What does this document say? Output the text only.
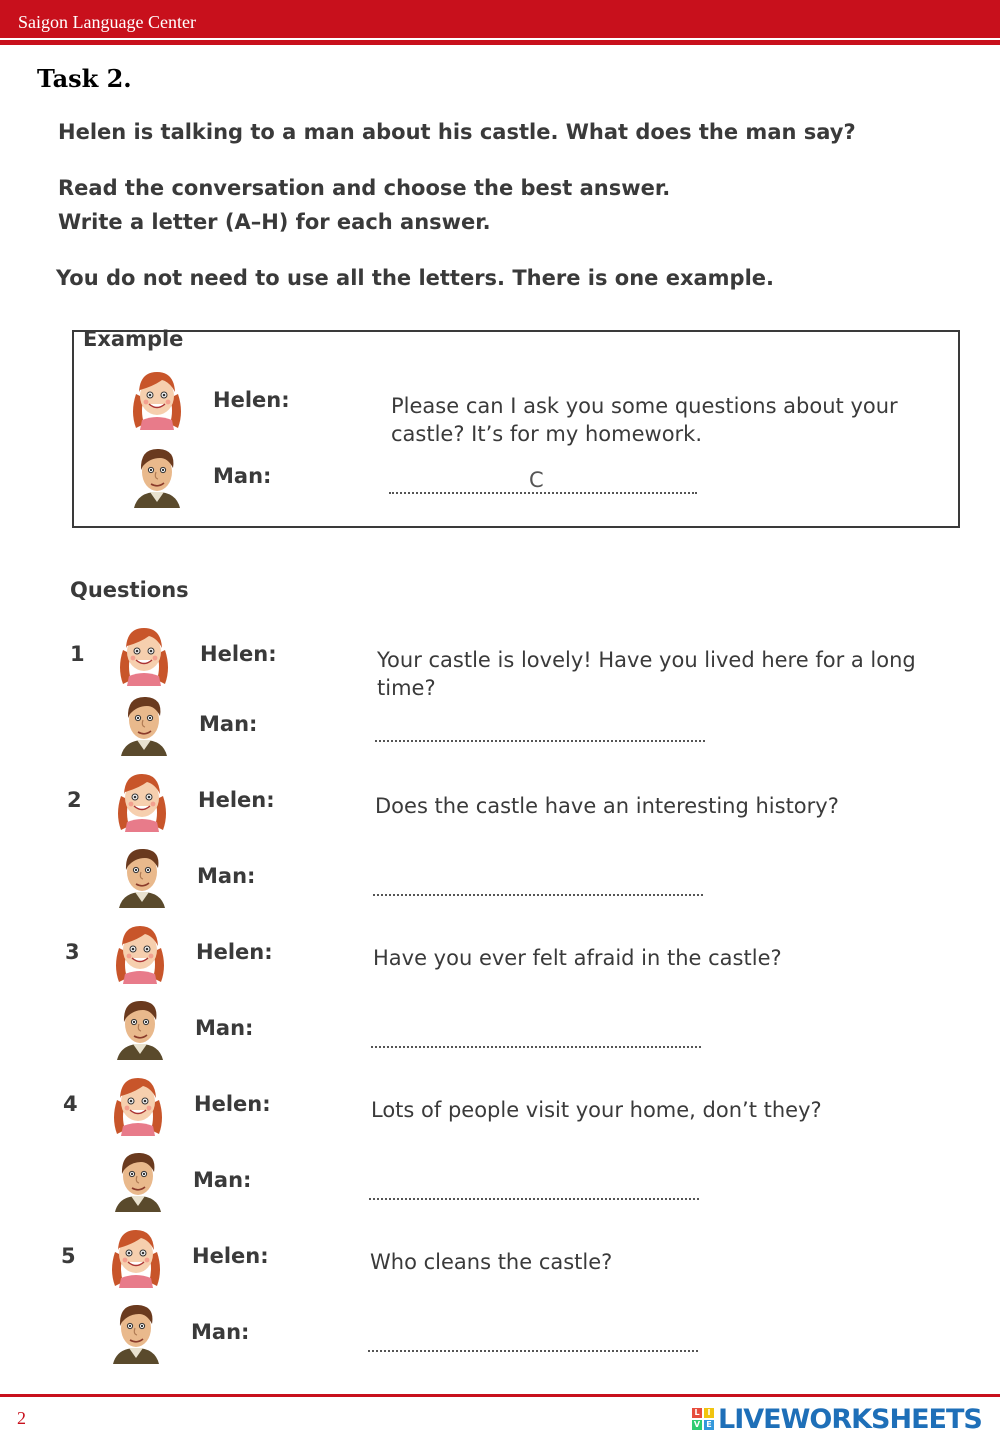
Saigon Language Center
Task 2.
Helen is talking to a man about his castle. What does the man say?
Read the conversation and choose the best answer.
Write a letter (A–H) for each answer.
You do not need to use all the letters. There is one example.
Example
Helen:	Please can I ask you some questions about your castle? It’s for my homework.
Man:	C
Questions
1	Helen:	Your castle is lovely! Have you lived here for a long time?
Man:
2	Helen:	Does the castle have an interesting history?
Man:
3	Helen:	Have you ever felt afraid in the castle?
Man:
4	Helen:	Lots of people visit your home, don’t they?
Man:
5	Helen:	Who cleans the castle?
Man:
2	L I
V E LIVEWORKSHEETS
